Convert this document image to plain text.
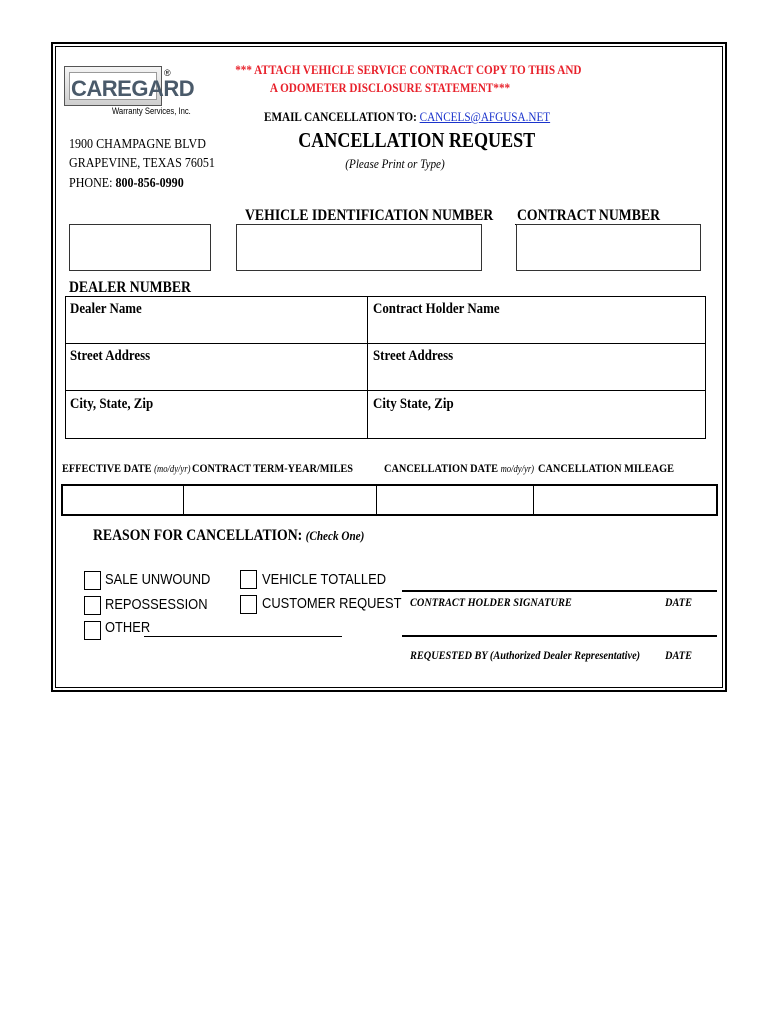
CAREGARD
®
Warranty Services, Inc.
*** ATTACH VEHICLE SERVICE CONTRACT COPY TO THIS AND
A ODOMETER DISCLOSURE STATEMENT***
EMAIL CANCELLATION TO: CANCELS@AFGUSA.NET
1900 CHAMPAGNE BLVD
GRAPEVINE, TEXAS 76051
PHONE: 800-856-0990
CANCELLATION REQUEST
(Please Print or Type)
VEHICLE IDENTIFICATION NUMBER CONTRACT NUMBER
DEALER NUMBER
Dealer Name
Street Address
City, State, Zip
Contract Holder Name
Street Address
City State, Zip
EFFECTIVE DATE (mo/dy/yr) CONTRACT TERM-YEAR/MILES	CANCELLATION DATE mo/dy/yr) CANCELLATION MILEAGE
REASON FOR CANCELLATION: (Check One)
SALE UNWOUND
REPOSSESSION
OTHER
VEHICLE TOTALLED
CUSTOMER REQUEST CONTRACT HOLDER SIGNATURE	DATE
REQUESTED BY (Authorized Dealer Representative) DATE
